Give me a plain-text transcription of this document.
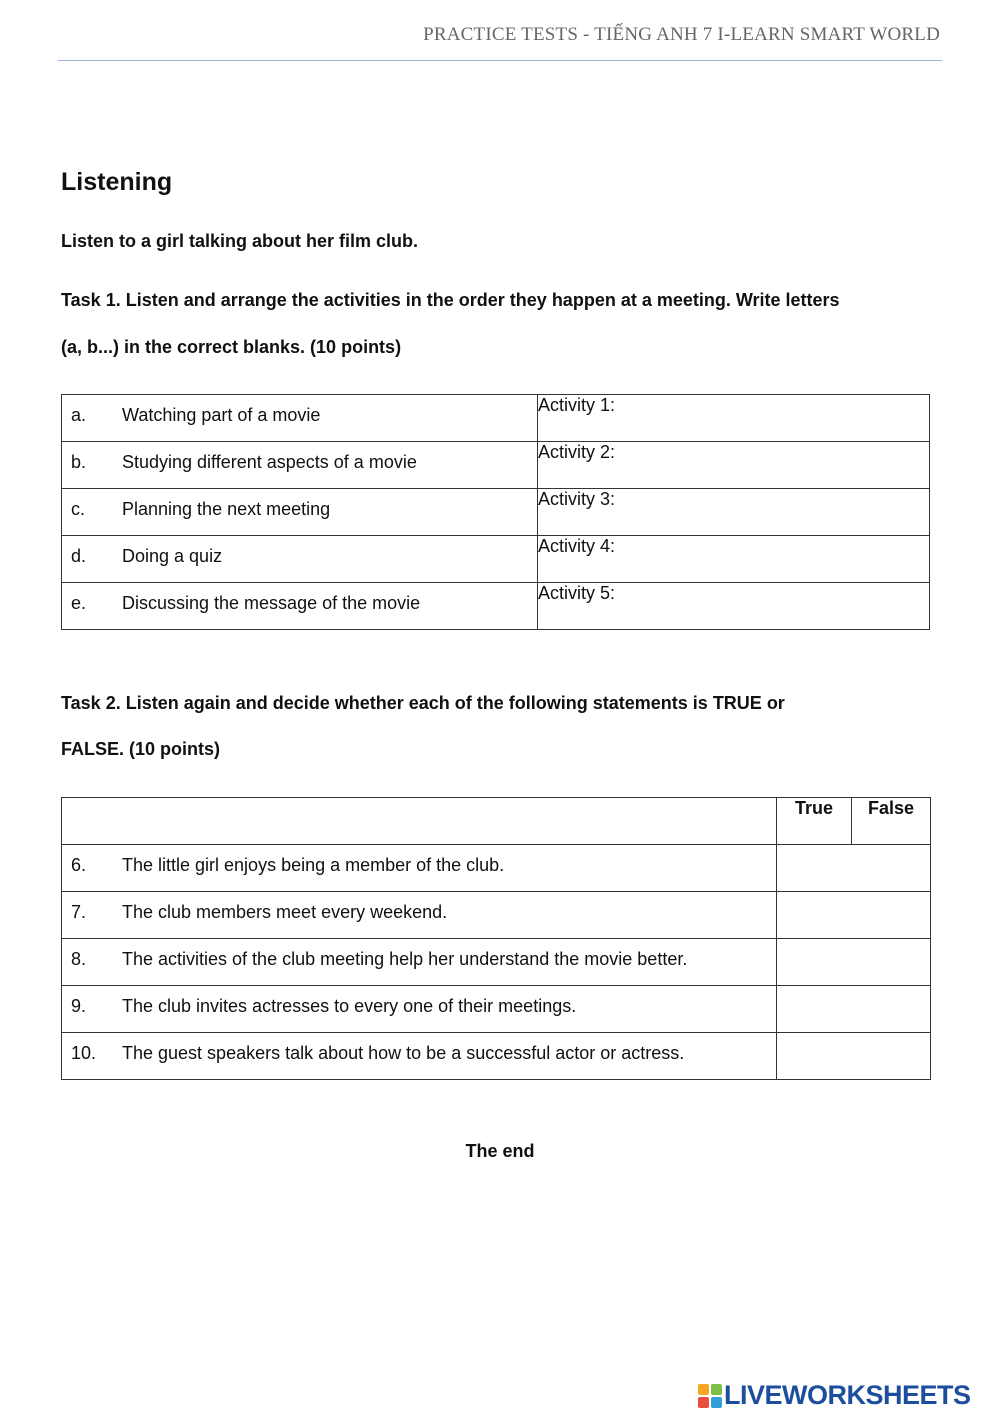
PRACTICE TESTS - TIẾNG ANH 7 I-LEARN SMART WORLD
Listening
Listen to a girl talking about her film club.
Task 1. Listen and arrange the activities in the order they happen at a meeting. Write letters
(a, b...) in the correct blanks. (10 points)
a. Watching part of a movie	Activity 1:

b. Studying different aspects of a movie	Activity 2:

c. Planning the next meeting	Activity 3:

d. Doing a quiz	Activity 4:

e. Discussing the message of the movie	Activity 5:
Task 2. Listen again and decide whether each of the following statements is TRUE or
FALSE. (10 points)
	True	False

6. The little girl enjoys being a member of the club.		

7. The club members meet every weekend.		

8. The activities of the club meeting help her understand the movie better.		

9. The club invites actresses to every one of their meetings.		

10. The guest speakers talk about how to be a successful actor or actress.		

The end
LIVEWORKSHEETS
